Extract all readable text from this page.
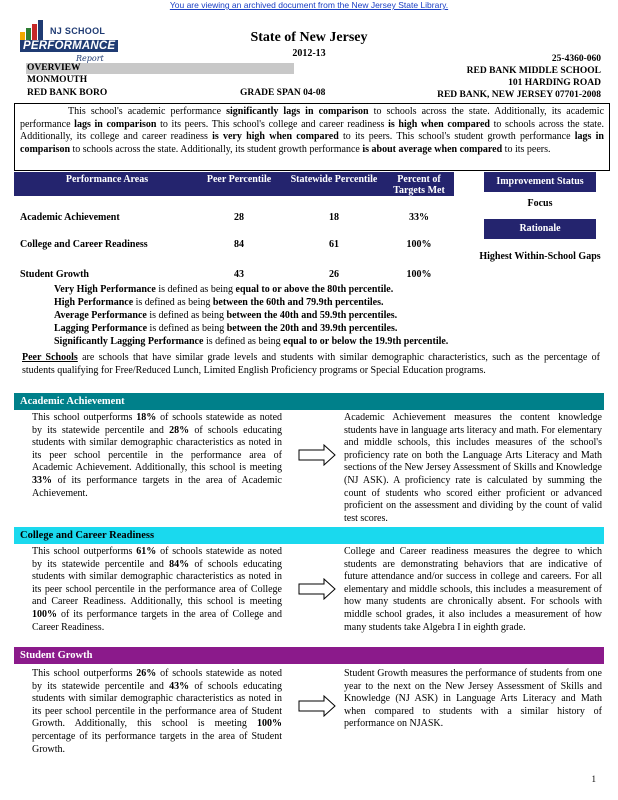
You are viewing an archived document from the New Jersey State Library.
NJ SCHOOL
PERFORMANCE
Report
State of New Jersey
2012-13
OVERVIEW
MONMOUTH
RED BANK BORO	GRADE SPAN 04-08
25-4360-060
RED BANK MIDDLE SCHOOL
101 HARDING ROAD
RED BANK, NEW JERSEY 07701-2008
This school's academic performance significantly lags in comparison to schools across the state. Additionally, its academic performance lags in comparison to its peers. This school's college and career readiness is high when compared to schools across the state. Additionally, its college and career readiness is very high when compared to its peers. This school's student growth performance lags in comparison to schools across the state. Additionally, its student growth performance is about average when compared to its peers.
Performance Areas	Peer Percentile	Statewide Percentile	Percent of Targets Met
Academic Achievement	28	18	33%
College and Career Readiness	84	61	100%
Student Growth	43	26	100%
Improvement Status
Focus
Rationale
Highest Within-School Gaps
Very High Performance is defined as being equal to or above the 80th percentile.
High Performance is defined as being between the 60th and 79.9th percentiles.
Average Performance is defined as being between the 40th and 59.9th percentiles.
Lagging Performance is defined as being between the 20th and 39.9th percentiles.
Significantly Lagging Performance is defined as being equal to or below the 19.9th percentile.
Peer Schools are schools that have similar grade levels and students with similar demographic characteristics, such as the percentage of students qualifying for Free/Reduced Lunch, Limited English Proficiency programs or Special Education programs.
Academic Achievement
This school outperforms 18% of schools statewide as noted by its statewide percentile and 28% of schools educating students with similar demographic characteristics as noted in its peer school percentile in the performance area of Academic Achievement. Additionally, this school is meeting 33% of its performance targets in the area of Academic Achievement.
Academic Achievement measures the content knowledge students have in language arts literacy and math. For elementary and middle schools, this includes measures of the school's proficiency rate on both the Language Arts Literacy and Math sections of the New Jersey Assessment of Skills and Knowledge (NJ ASK). A proficiency rate is calculated by summing the count of students who scored either proficient or advanced proficient on the assessment and dividing by the count of valid test scores.
College and Career Readiness
This school outperforms 61% of schools statewide as noted by its statewide percentile and 84% of schools educating students with similar demographic characteristics as noted in its peer school percentile in the performance area of College and Career Readiness. Additionally, this school is meeting 100% of its performance targets in the area of College and Career Readiness.
College and Career readiness measures the degree to which students are demonstrating behaviors that are indicative of future attendance and/or success in college and careers. For all elementary and middle schools, this includes a measurement of how many students are chronically absent. For schools with middle school grades, it also includes a measurement of how many students take Algebra I in eighth grade.
Student Growth
This school outperforms 26% of schools statewide as noted by its statewide percentile and 43% of schools educating students with similar demographic characteristics as noted in its peer school percentile in the performance area of Student Growth. Additionally, this school is meeting 100% percentage of its performance targets in the area of Student Growth.
Student Growth measures the performance of students from one year to the next on the New Jersey Assessment of Skills and Knowledge (NJ ASK) in Language Arts Literacy and Math when compared to students with a similar history of performance on NJASK.
1
